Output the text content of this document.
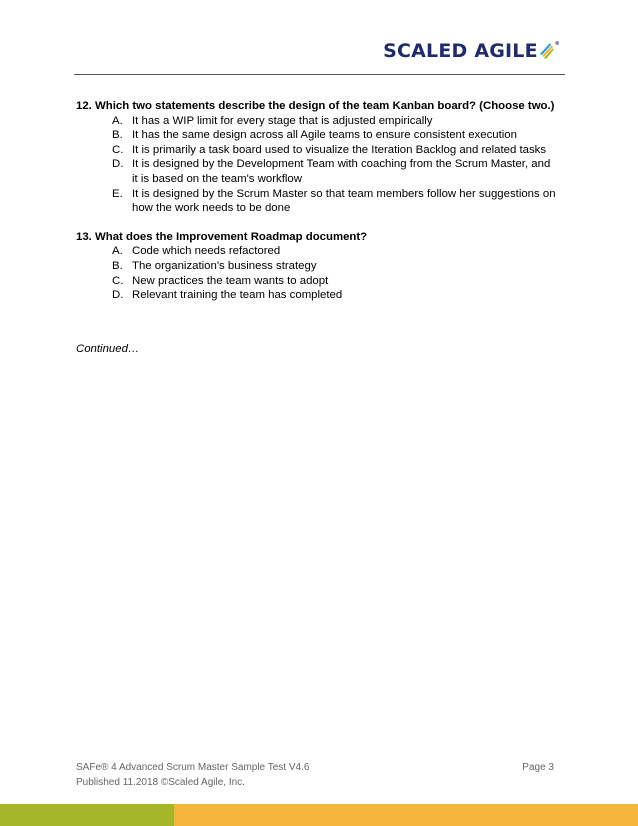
SCALED AGILE	®

12. Which two statements describe the design of the team Kanban board? (Choose two.)

A. It has a WIP limit for every stage that is adjusted empirically
B. It has the same design across all Agile teams to ensure consistent execution
C. It is primarily a task board used to visualize the Iteration Backlog and related tasks
D. It is designed by the Development Team with coaching from the Scrum Master, and it is based on the team's workflow
E. It is designed by the Scrum Master so that team members follow her suggestions on how the work needs to be done

13. What does the Improvement Roadmap document?

A. Code which needs refactored
B. The organization's business strategy
C. New practices the team wants to adopt
D. Relevant training the team has completed
Continued…
SAFe® 4 Advanced Scrum Master Sample Test V4.6	Page 3
Published 11.2018 ©Scaled Agile, Inc.
